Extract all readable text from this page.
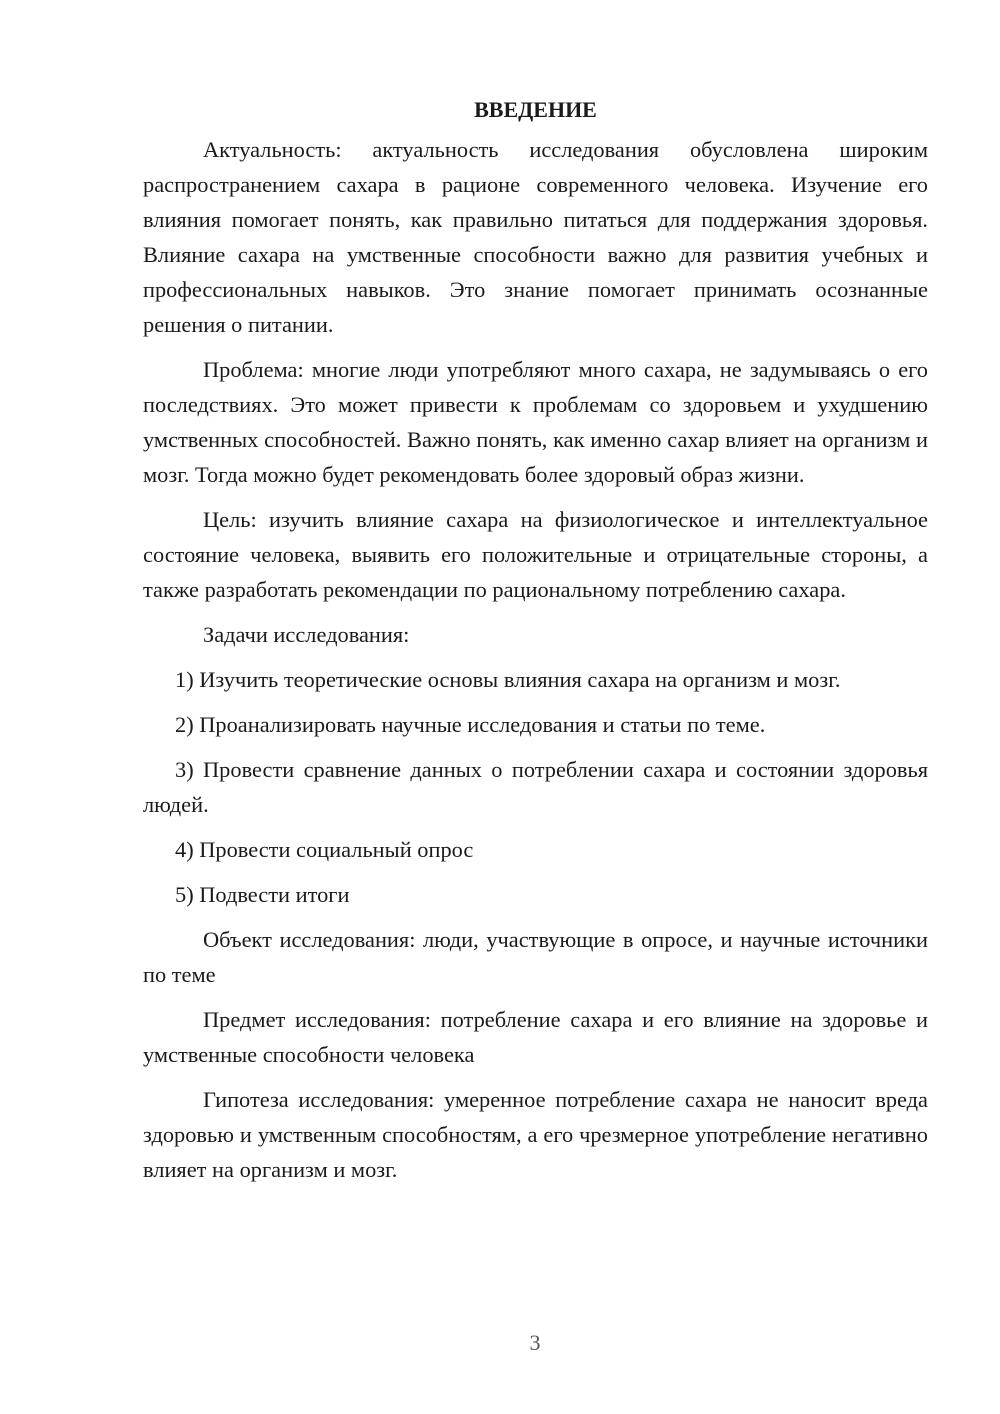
ВВЕДЕНИЕ

Актуальность: актуальность исследования обусловлена широким распространением сахара в рационе современного человека. Изучение его влияния помогает понять, как правильно питаться для поддержания здоровья. Влияние сахара на умственные способности важно для развития учебных и профессиональных навыков. Это знание помогает принимать осознанные решения о питании.

Проблема: многие люди употребляют много сахара, не задумываясь о его последствиях. Это может привести к проблемам со здоровьем и ухудшению умственных способностей. Важно понять, как именно сахар влияет на организм и мозг. Тогда можно будет рекомендовать более здоровый образ жизни.

Цель: изучить влияние сахара на физиологическое и интеллектуальное состояние человека, выявить его положительные и отрицательные стороны, а также разработать рекомендации по рациональному потреблению сахара.

Задачи исследования:

1) Изучить теоретические основы влияния сахара на организм и мозг.

2) Проанализировать научные исследования и статьи по теме.

3) Провести сравнение данных о потреблении сахара и состоянии здоровья людей.

4) Провести социальный опрос

5) Подвести итоги

Объект исследования: люди, участвующие в опросе, и научные источники по теме

Предмет исследования: потребление сахара и его влияние на здоровье и умственные способности человека

Гипотеза исследования: умеренное потребление сахара не наносит вреда здоровью и умственным способностям, а его чрезмерное употребление негативно влияет на организм и мозг.

3
